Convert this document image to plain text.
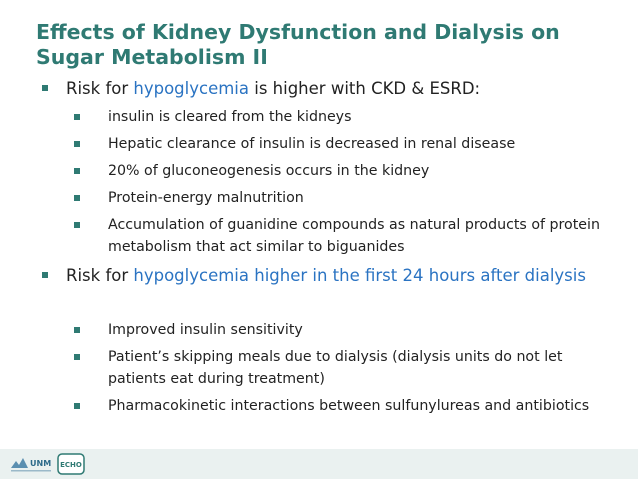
Effects of Kidney Dysfunction and Dialysis on
Sugar Metabolism II
Risk for hypoglycemia is higher with CKD & ESRD:
insulin is cleared from the kidneys
Hepatic clearance of insulin is decreased in renal disease
20% of gluconeogenesis occurs in the kidney
Protein-energy malnutrition
Accumulation of guanidine compounds as natural products of protein metabolism that act similar to biguanides
Risk for hypoglycemia higher in the first 24 hours after dialysis
Improved insulin sensitivity
Patient’s skipping meals due to dialysis (dialysis units do not let patients eat during treatment)
Pharmacokinetic interactions between sulfunylureas and antibiotics
UNM ECHO
